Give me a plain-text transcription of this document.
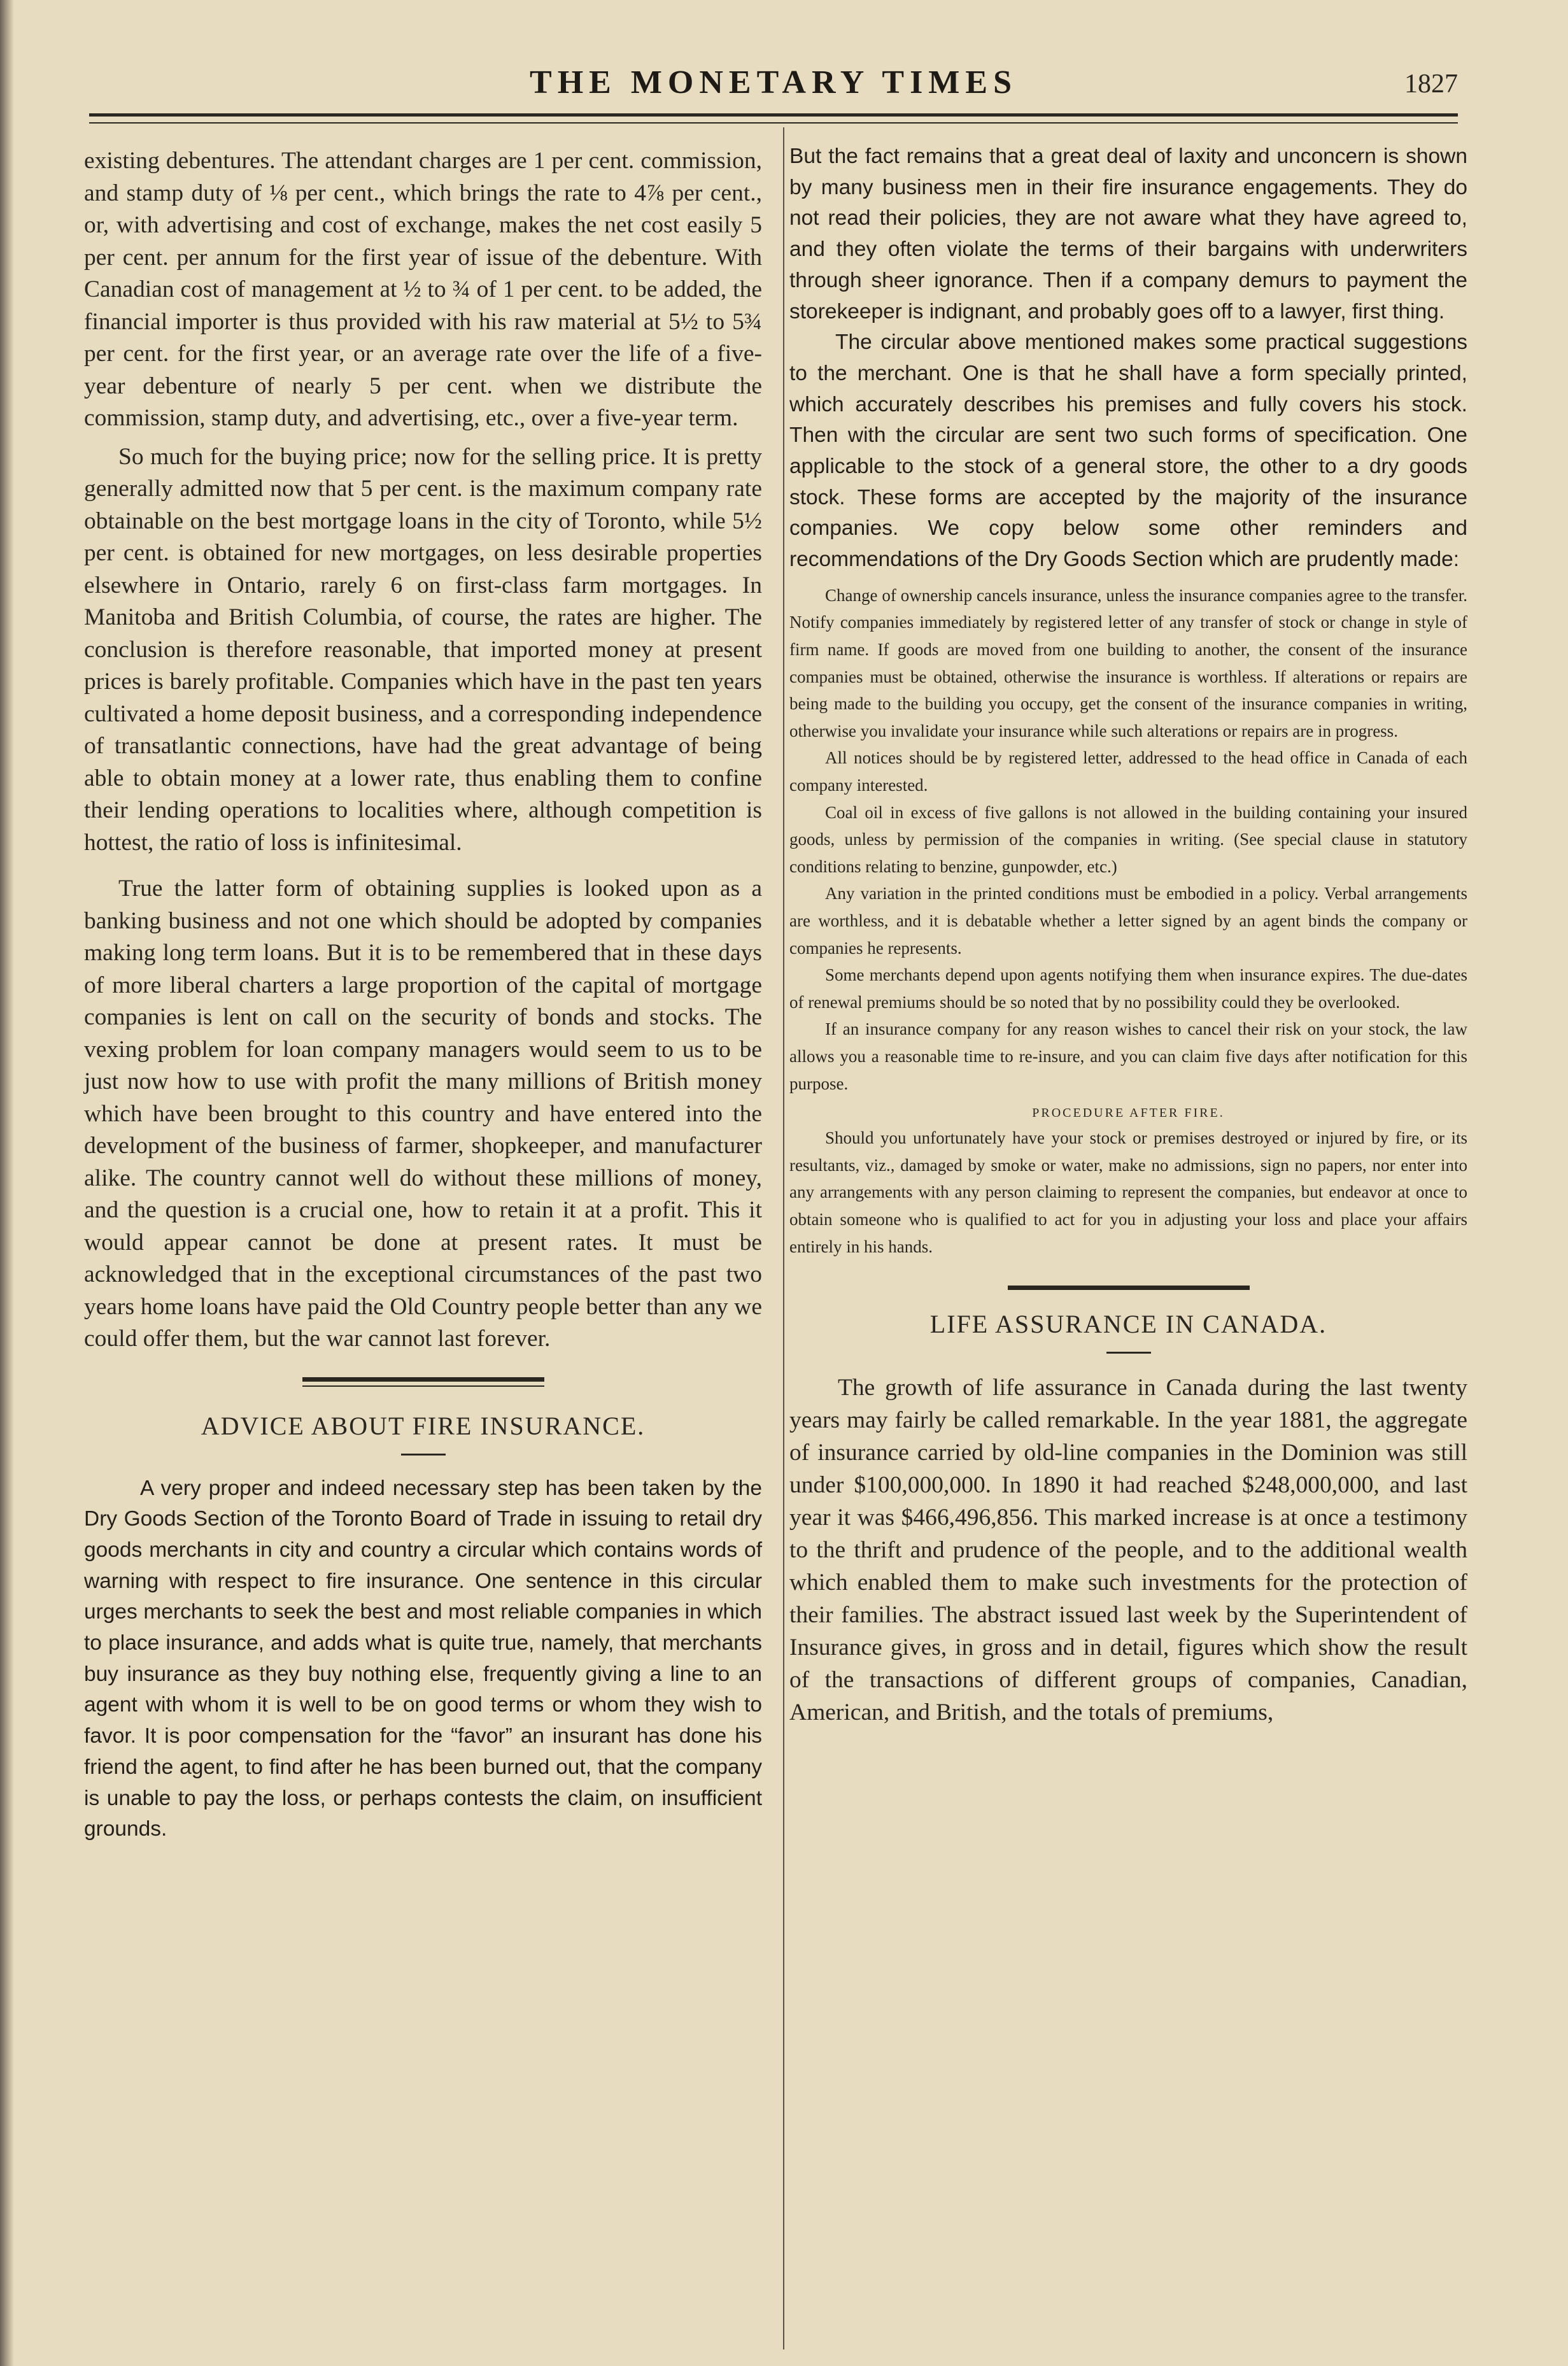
THE MONETARY TIMES	1827

existing debentures. The attendant charges are 1 per cent. commission, and stamp duty of ⅛ per cent., which brings the rate to 4⅞ per cent., or, with advertising and cost of exchange, makes the net cost easily 5 per cent. per annum for the first year of issue of the debenture. With Canadian cost of management at ½ to ¾ of 1 per cent. to be added, the financial importer is thus provided with his raw material at 5½ to 5¾ per cent. for the first year, or an average rate over the life of a five-year debenture of nearly 5 per cent. when we distribute the commission, stamp duty, and advertising, etc., over a five-year term.

So much for the buying price; now for the selling price. It is pretty generally admitted now that 5 per cent. is the maximum company rate obtainable on the best mortgage loans in the city of Toronto, while 5½ per cent. is obtained for new mortgages, on less desirable properties elsewhere in Ontario, rarely 6 on first-class farm mortgages. In Manitoba and British Columbia, of course, the rates are higher. The conclusion is therefore reasonable, that imported money at present prices is barely profitable. Companies which have in the past ten years cultivated a home deposit business, and a corresponding independence of transatlantic connections, have had the great advantage of being able to obtain money at a lower rate, thus enabling them to confine their lending operations to localities where, although competition is hottest, the ratio of loss is infinitesimal.

True the latter form of obtaining supplies is looked upon as a banking business and not one which should be adopted by companies making long term loans. But it is to be remembered that in these days of more liberal charters a large proportion of the capital of mortgage companies is lent on call on the security of bonds and stocks. The vexing problem for loan company managers would seem to us to be just now how to use with profit the many millions of British money which have been brought to this country and have entered into the development of the business of farmer, shopkeeper, and manufacturer alike. The country cannot well do without these millions of money, and the question is a crucial one, how to retain it at a profit. This it would appear cannot be done at present rates. It must be acknowledged that in the exceptional circumstances of the past two years home loans have paid the Old Country people better than any we could offer them, but the war cannot last forever.

ADVICE ABOUT FIRE INSURANCE.

A very proper and indeed necessary step has been taken by the Dry Goods Section of the Toronto Board of Trade in issuing to retail dry goods merchants in city and country a circular which contains words of warning with respect to fire insurance. One sentence in this circular urges merchants to seek the best and most reliable companies in which to place insurance, and adds what is quite true, namely, that merchants buy insurance as they buy nothing else, frequently giving a line to an agent with whom it is well to be on good terms or whom they wish to favor. It is poor compensation for the “favor” an insurant has done his friend the agent, to find after he has been burned out, that the company is unable to pay the loss, or perhaps contests the claim, on insufficient grounds.

But the fact remains that a great deal of laxity and unconcern is shown by many business men in their fire insurance engagements. They do not read their policies, they are not aware what they have agreed to, and they often violate the terms of their bargains with underwriters through sheer ignorance. Then if a company demurs to payment the storekeeper is indignant, and probably goes off to a lawyer, first thing.

The circular above mentioned makes some practical suggestions to the merchant. One is that he shall have a form specially printed, which accurately describes his premises and fully covers his stock. Then with the circular are sent two such forms of specification. One applicable to the stock of a general store, the other to a dry goods stock. These forms are accepted by the majority of the insurance companies. We copy below some other reminders and recommendations of the Dry Goods Section which are prudently made:

Change of ownership cancels insurance, unless the insurance companies agree to the transfer. Notify companies immediately by registered letter of any transfer of stock or change in style of firm name. If goods are moved from one building to another, the consent of the insurance companies must be obtained, otherwise the insurance is worthless. If alterations or repairs are being made to the building you occupy, get the consent of the insurance companies in writing, otherwise you invalidate your insurance while such alterations or repairs are in progress.

All notices should be by registered letter, addressed to the head office in Canada of each company interested.

Coal oil in excess of five gallons is not allowed in the building containing your insured goods, unless by permission of the companies in writing. (See special clause in statutory conditions relating to benzine, gunpowder, etc.)

Any variation in the printed conditions must be embodied in a policy. Verbal arrangements are worthless, and it is debatable whether a letter signed by an agent binds the company or companies he represents.

Some merchants depend upon agents notifying them when insurance expires. The due-dates of renewal premiums should be so noted that by no possibility could they be overlooked.

If an insurance company for any reason wishes to cancel their risk on your stock, the law allows you a reasonable time to re-insure, and you can claim five days after notification for this purpose.

PROCEDURE AFTER FIRE.

Should you unfortunately have your stock or premises destroyed or injured by fire, or its resultants, viz., damaged by smoke or water, make no admissions, sign no papers, nor enter into any arrangements with any person claiming to represent the companies, but endeavor at once to obtain someone who is qualified to act for you in adjusting your loss and place your affairs entirely in his hands.

LIFE ASSURANCE IN CANADA.

The growth of life assurance in Canada during the last twenty years may fairly be called remarkable. In the year 1881, the aggregate of insurance carried by old-line companies in the Dominion was still under $100,000,000. In 1890 it had reached $248,000,000, and last year it was $466,496,856. This marked increase is at once a testimony to the thrift and prudence of the people, and to the additional wealth which enabled them to make such investments for the protection of their families. The abstract issued last week by the Superintendent of Insurance gives, in gross and in detail, figures which show the result of the transactions of different groups of companies, Canadian, American, and British, and the totals of premiums,
